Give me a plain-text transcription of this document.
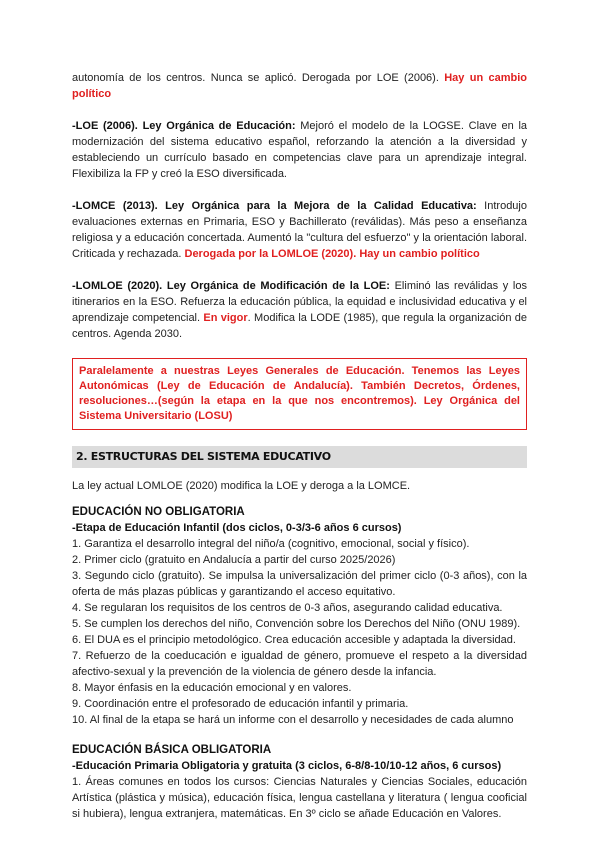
autonomía de los centros. Nunca se aplicó. Derogada por LOE (2006). Hay un cambio político

-LOE (2006). Ley Orgánica de Educación: Mejoró el modelo de la LOGSE. Clave en la modernización del sistema educativo español, reforzando la atención a la diversidad y estableciendo un currículo basado en competencias clave para un aprendizaje integral. Flexibiliza la FP y creó la ESO diversificada.

-LOMCE (2013). Ley Orgánica para la Mejora de la Calidad Educativa: Introdujo evaluaciones externas en Primaria, ESO y Bachillerato (reválidas). Más peso a enseñanza religiosa y a educación concertada. Aumentó la "cultura del esfuerzo" y la orientación laboral. Criticada y rechazada. Derogada por la LOMLOE (2020). Hay un cambio político

-LOMLOE (2020). Ley Orgánica de Modificación de la LOE: Eliminó las reválidas y los itinerarios en la ESO. Refuerza la educación pública, la equidad e inclusividad educativa y el aprendizaje competencial. En vigor. Modifica la LODE (1985), que regula la organización de centros. Agenda 2030.

Paralelamente a nuestras Leyes Generales de Educación. Tenemos las Leyes Autonómicas (Ley de Educación de Andalucía). También Decretos, Órdenes, resoluciones…(según la etapa en la que nos encontremos). Ley Orgánica del Sistema Universitario (LOSU)
2. ESTRUCTURAS DEL SISTEMA EDUCATIVO

La ley actual LOMLOE (2020) modifica la LOE y deroga a la LOMCE.

EDUCACIÓN NO OBLIGATORIA
-Etapa de Educación Infantil (dos ciclos, 0-3/3-6 años 6 cursos)

1. Garantiza el desarrollo integral del niño/a (cognitivo, emocional, social y físico).

2. Primer ciclo (gratuito en Andalucía a partir del curso 2025/2026)

3. Segundo ciclo (gratuito). Se impulsa la universalización del primer ciclo (0-3 años), con la oferta de más plazas públicas y garantizando el acceso equitativo.

4. Se regularan los requisitos de los centros de 0-3 años, asegurando calidad educativa.

5. Se cumplen los derechos del niño, Convención sobre los Derechos del Niño (ONU 1989).

6. El DUA es el principio metodológico. Crea educación accesible y adaptada la diversidad.

7. Refuerzo de la coeducación e igualdad de género, promueve el respeto a la diversidad afectivo-sexual y la prevención de la violencia de género desde la infancia.

8. Mayor énfasis en la educación emocional y en valores.

9. Coordinación entre el profesorado de educación infantil y primaria.

10. Al final de la etapa se hará un informe con el desarrollo y necesidades de cada alumno

EDUCACIÓN BÁSICA OBLIGATORIA
-Educación Primaria Obligatoria y gratuita (3 ciclos, 6-8/8-10/10-12 años, 6 cursos)

1. Áreas comunes en todos los cursos: Ciencias Naturales y Ciencias Sociales, educación Artística (plástica y música), educación física, lengua castellana y literatura ( lengua cooficial si hubiera), lengua extranjera, matemáticas. En 3º ciclo se añade Educación en Valores.
